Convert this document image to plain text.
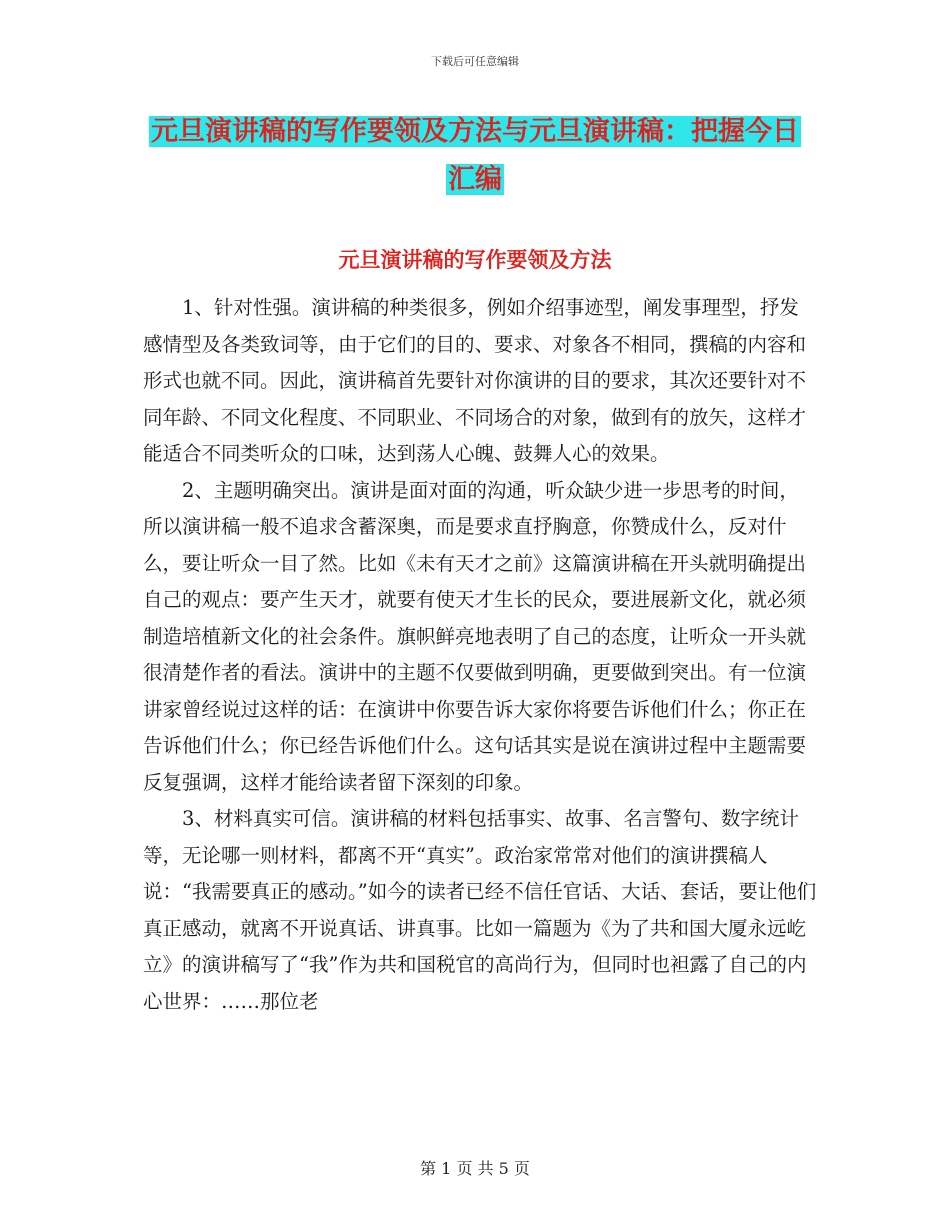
下载后可任意编辑
元旦演讲稿的写作要领及方法与元旦演讲稿：把握今日汇编
元旦演讲稿的写作要领及方法

1、针对性强。演讲稿的种类很多，例如介绍事迹型，阐发事理型，抒发感情型及各类致词等，由于它们的目的、要求、对象各不相同，撰稿的内容和形式也就不同。因此，演讲稿首先要针对你演讲的目的要求，其次还要针对不同年龄、不同文化程度、不同职业、不同场合的对象，做到有的放矢，这样才能适合不同类听众的口味，达到荡人心魄、鼓舞人心的效果。

2、主题明确突出。演讲是面对面的沟通，听众缺少进一步思考的时间，所以演讲稿一般不追求含蓄深奥，而是要求直抒胸意，你赞成什么，反对什么，要让听众一目了然。比如《未有天才之前》这篇演讲稿在开头就明确提出自己的观点：要产生天才，就要有使天才生长的民众，要进展新文化，就必须制造培植新文化的社会条件。旗帜鲜亮地表明了自己的态度，让听众一开头就很清楚作者的看法。演讲中的主题不仅要做到明确，更要做到突出。有一位演讲家曾经说过这样的话：在演讲中你要告诉大家你将要告诉他们什么；你正在告诉他们什么；你已经告诉他们什么。这句话其实是说在演讲过程中主题需要反复强调，这样才能给读者留下深刻的印象。

3、材料真实可信。演讲稿的材料包括事实、故事、名言警句、数字统计等，无论哪一则材料，都离不开“真实”。政治家常常对他们的演讲撰稿人说：“我需要真正的感动。”如今的读者已经不信任官话、大话、套话，要让他们真正感动，就离不开说真话、讲真事。比如一篇题为《为了共和国大厦永远屹立》的演讲稿写了“我”作为共和国税官的高尚行为，但同时也袒露了自己的内心世界：……那位老

第 1 页 共 5 页
